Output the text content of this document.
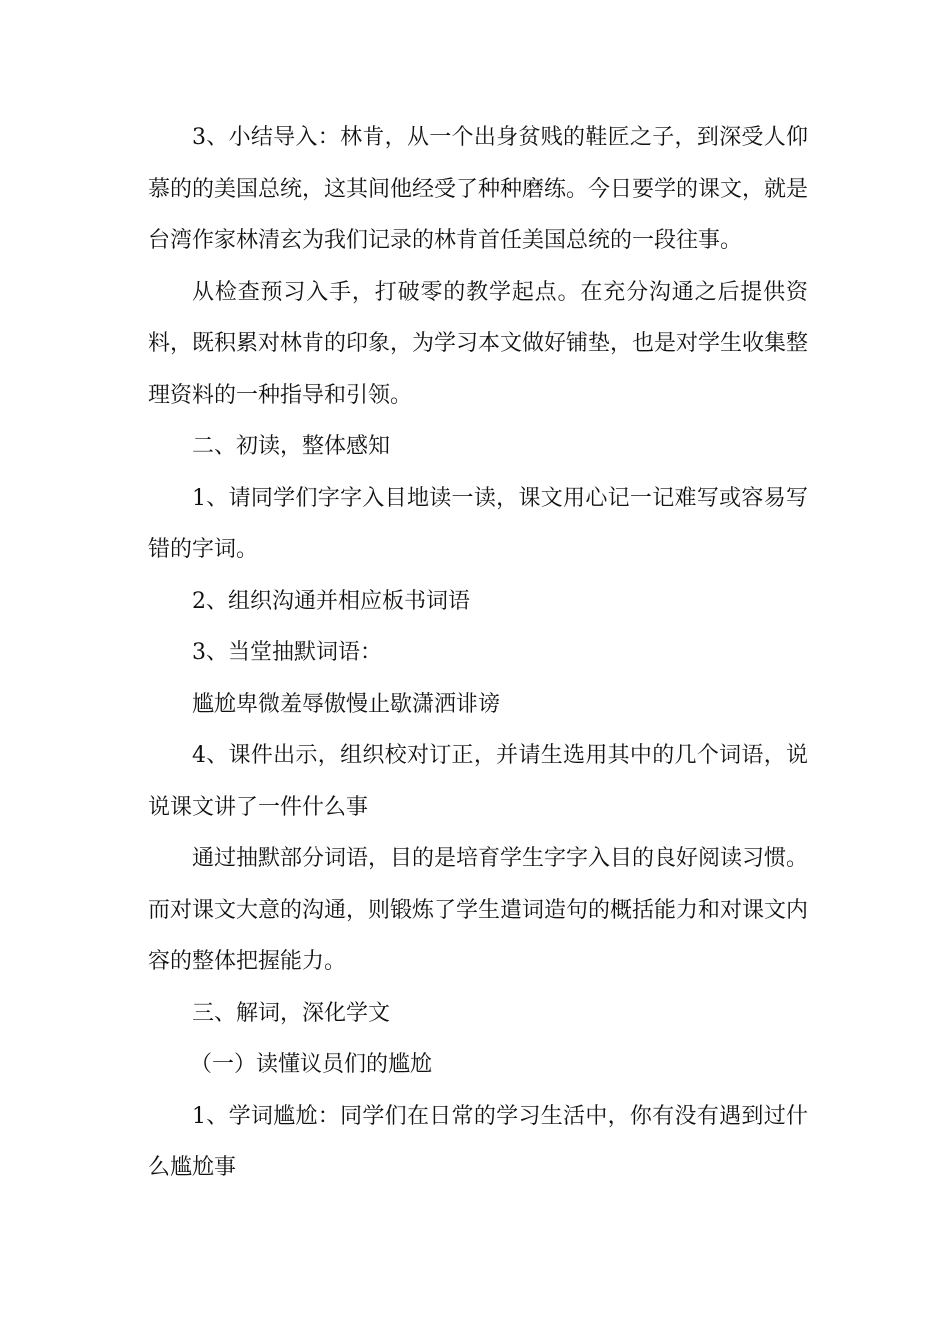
3、小结导入：林肯，从一个出身贫贱的鞋匠之子，到深受人仰慕的的美国总统，这其间他经受了种种磨练。今日要学的课文，就是台湾作家林清玄为我们记录的林肯首任美国总统的一段往事。

从检查预习入手，打破零的教学起点。在充分沟通之后提供资料，既积累对林肯的印象，为学习本文做好铺垫，也是对学生收集整理资料的一种指导和引领。

二、初读，整体感知

1、请同学们字字入目地读一读，课文用心记一记难写或容易写错的字词。

2、组织沟通并相应板书词语

3、当堂抽默词语：

尴尬卑微羞辱傲慢止歇潇洒诽谤

4、课件出示，组织校对订正，并请生选用其中的几个词语，说说课文讲了一件什么事

通过抽默部分词语，目的是培育学生字字入目的良好阅读习惯。而对课文大意的沟通，则锻炼了学生遣词造句的概括能力和对课文内容的整体把握能力。

三、解词，深化学文

（一）读懂议员们的尴尬

1、学词尴尬：同学们在日常的学习生活中，你有没有遇到过什么尴尬事
